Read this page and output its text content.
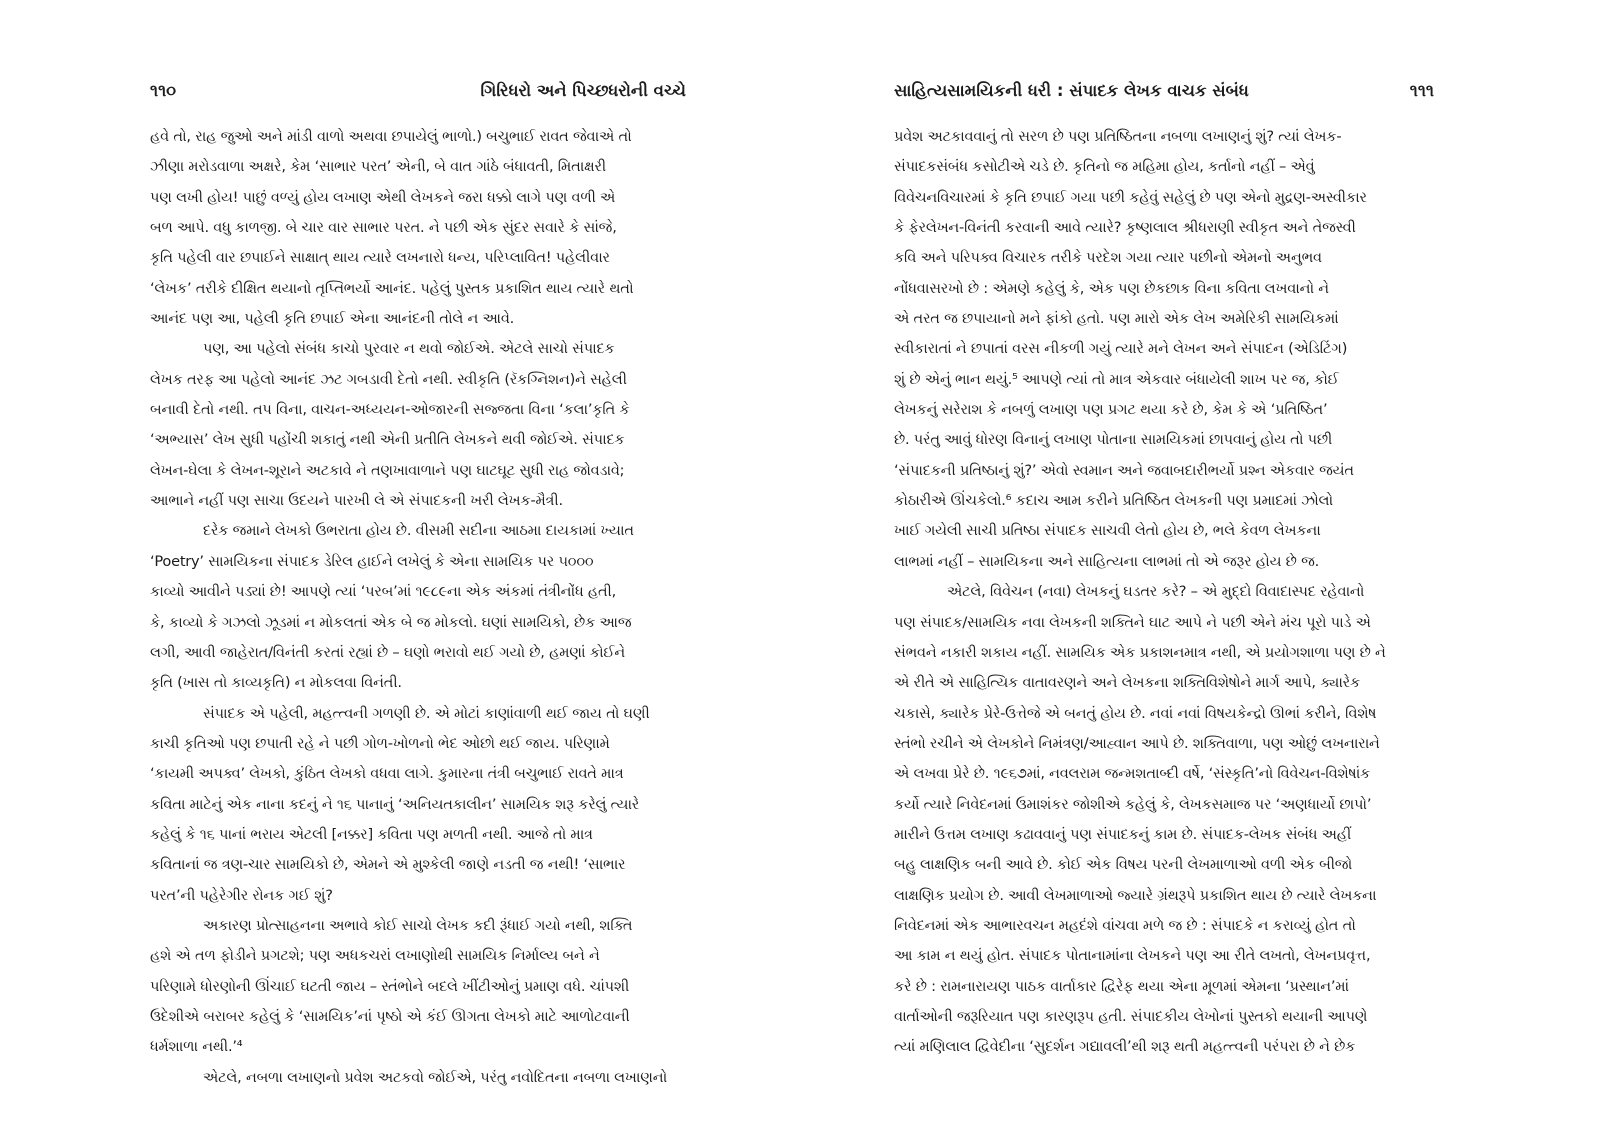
૧૧૦	ગિરિધરો અને પિચ્છધરોની વચ્ચે
હવે તો, રાહ જુઓ અને માંડી વાળો અથવા છપાયેલું ભાળો.) બચુભાઈ રાવત જેવાએ તો
ઝીણા મરોડવાળા અક્ષરે, કેમ ‘સાભાર પરત’ એની, બે વાત ગાંઠે બંધાવતી, મિતાક્ષરી
પણ લખી હોય! પાછું વળ્યું હોય લખાણ એથી લેખકને જરા ધક્કો લાગે પણ વળી એ
બળ આપે. વધુ કાળજી. બે ચાર વાર સાભાર પરત. ને પછી એક સુંદર સવારે કે સાંજે,
કૃતિ પહેલી વાર છપાઈને સાક્ષાત્ થાય ત્યારે લખનારો ધન્ય, પરિપ્લાવિત! પહેલીવાર
‘લેખક’ તરીકે દીક્ષિત થયાનો તૃપ્તિભર્યો આનંદ. પહેલું પુસ્તક પ્રકાશિત થાય ત્યારે થતો
આનંદ પણ આ, પહેલી કૃતિ છપાઈ એના આનંદની તોલે ન આવે.
પણ, આ પહેલો સંબંધ કાચો પુરવાર ન થવો જોઈએ. એટલે સાચો સંપાદક
લેખક તરફ આ પહેલો આનંદ ઝટ ગબડાવી દેતો નથી. સ્વીકૃતિ (રૅકગ્નિશન)ને સહેલી
બનાવી દેતો નથી. તપ વિના, વાચન-અધ્યયન-ઓજારની સજ્જતા વિના ‘કલા’કૃતિ કે
‘અભ્યાસ’ લેખ સુધી પહોંચી શકાતું નથી એની પ્રતીતિ લેખકને થવી જોઈએ. સંપાદક
લેખન-ઘેલા કે લેખન-શૂરાને અટકાવે ને તણખાવાળાને પણ ઘાટઘૂટ સુધી રાહ જોવડાવે;
આભાને નહીં પણ સાચા ઉદયને પારખી લે એ સંપાદકની ખરી લેખક-મૈત્રી.
દરેક જમાને લેખકો ઉભરાતા હોય છે. વીસમી સદીના આઠમા દાયકામાં ખ્યાત
‘Poetry’ સામયિકના સંપાદક ડેરિલ હાઈને લખેલું કે એના સામયિક પર ૫૦૦૦
કાવ્યો આવીને પડ્યાં છે! આપણે ત્યાં ‘પરબ’માં ૧૯૮૯ના એક અંકમાં તંત્રીનોંધ હતી,
કે, કાવ્યો કે ગઝલો ઝૂડમાં ન મોકલતાં એક બે જ મોકલો. ઘણાં સામયિકો, છેક આજ
લગી, આવી જાહેરાત/વિનંતી કરતાં રહ્યાં છે – ઘણો ભરાવો થઈ ગયો છે, હમણાં કોઈને
કૃતિ (ખાસ તો કાવ્યકૃતિ) ન મોકલવા વિનંતી.
સંપાદક એ પહેલી, મહત્ત્વની ગળણી છે. એ મોટાં કાણાંવાળી થઈ જાય તો ઘણી
કાચી કૃતિઓ પણ છપાતી રહે ને પછી ગોળ-ખોળનો ભેદ ઓછો થઈ જાય. પરિણામે
‘કાયમી અપક્વ’ લેખકો, કુંઠિત લેખકો વધવા લાગે. કુમારના તંત્રી બચુભાઈ રાવતે માત્ર
કવિતા માટેનું એક નાના કદનું ને ૧૬ પાનાનું ‘અનિયતકાલીન’ સામયિક શરૂ કરેલું ત્યારે
કહેલું કે ૧૬ પાનાં ભરાય એટલી [નક્કર] કવિતા પણ મળતી નથી. આજે તો માત્ર
કવિતાનાં જ ત્રણ-ચાર સામયિકો છે, એમને એ મુશ્કેલી જાણે નડતી જ નથી! ‘સાભાર
પરત’ની પહેરેગીર રોનક ગઈ શું?
અકારણ પ્રોત્સાહનના અભાવે કોઈ સાચો લેખક કદી રૂંધાઈ ગયો નથી, શક્તિ
હશે એ તળ ફોડીને પ્રગટશે; પણ અધકચરાં લખાણોથી સામયિક નિર્માલ્ય બને ને
પરિણામે ધોરણોની ઊંચાઈ ઘટતી જાય – સ્તંભોને બદલે ખીંટીઓનું પ્રમાણ વધે. ચાંપશી
ઉદેશીએ બરાબર કહેલું કે ‘સામયિક’નાં પૃષ્ઠો એ કંઈ ઊગતા લેખકો માટે આળોટવાની
ધર્મશાળા નથી.’⁴
એટલે, નબળા લખાણનો પ્રવેશ અટકવો જોઈએ, પરંતુ નવોદિતના નબળા લખાણનો
સાહિત્યસામયિકની ધરી : સંપાદક લેખક વાચક સંબંધ	૧૧૧
પ્રવેશ અટકાવવાનું તો સરળ છે પણ પ્રતિષ્ઠિતના નબળા લખાણનું શું? ત્યાં લેખક-
સંપાદકસંબંધ કસોટીએ ચડે છે. કૃતિનો જ મહિમા હોય, કર્તાનો નહીં – એવું
વિવેચનવિચારમાં કે કૃતિ છપાઈ ગયા પછી કહેવું સહેલું છે પણ એનો મુદ્રણ-અસ્વીકાર
કે ફેરલેખન-વિનંતી કરવાની આવે ત્યારે? કૃષ્ણલાલ શ્રીધરાણી સ્વીકૃત અને તેજસ્વી
કવિ અને પરિપક્વ વિચારક તરીકે પરદેશ ગયા ત્યાર પછીનો એમનો અનુભવ
નોંધવાસરખો છે : એમણે કહેલું કે, એક પણ છેકછાક વિના કવિતા લખવાનો ને
એ તરત જ છપાયાનો મને ફાંકો હતો. પણ મારો એક લેખ અમેરિકી સામયિકમાં
સ્વીકારાતાં ને છપાતાં વરસ નીકળી ગયું ત્યારે મને લેખન અને સંપાદન (એડિટિંગ)
શું છે એનું ભાન થયું.⁵ આપણે ત્યાં તો માત્ર એકવાર બંધાયેલી શાખ પર જ, કોઈ
લેખકનું સરેરાશ કે નબળું લખાણ પણ પ્રગટ થયા કરે છે, કેમ કે એ ‘પ્રતિષ્ઠિત’
છે. પરંતુ આવું ધોરણ વિનાનું લખાણ પોતાના સામયિકમાં છાપવાનું હોય તો પછી
‘સંપાદકની પ્રતિષ્ઠાનું શું?’ એવો સ્વમાન અને જવાબદારીભર્યો પ્રશ્ન એકવાર જયંત
કોઠારીએ ઊંચકેલો.⁶ કદાચ આમ કરીને પ્રતિષ્ઠિત લેખકની પણ પ્રમાદમાં ઝોલો
ખાઈ ગયેલી સાચી પ્રતિષ્ઠા સંપાદક સાચવી લેતો હોય છે, ભલે કેવળ લેખકના
લાભમાં નહીં – સામયિકના અને સાહિત્યના લાભમાં તો એ જરૂર હોય છે જ.
એટલે, વિવેચન (નવા) લેખકનું ઘડતર કરે? – એ મુદ્દો વિવાદાસ્પદ રહેવાનો
પણ સંપાદક/સામયિક નવા લેખકની શક્તિને ઘાટ આપે ને પછી એને મંચ પૂરો પાડે એ
સંભવને નકારી શકાય નહીં. સામયિક એક પ્રકાશનમાત્ર નથી, એ પ્રયોગશાળા પણ છે ને
એ રીતે એ સાહિત્યિક વાતાવરણને અને લેખકના શક્તિવિશેષોને માર્ગ આપે, ક્યારેક
ચકાસે, ક્યારેક પ્રેરે-ઉત્તેજે એ બનતું હોય છે. નવાં નવાં વિષયકેન્દ્રો ઊભાં કરીને, વિશેષ
સ્તંભો રચીને એ લેખકોને નિમંત્રણ/આહ્વાન આપે છે. શક્તિવાળા, પણ ઓછું લખનારાને
એ લખવા પ્રેરે છે. ૧૯૬૭માં, નવલરામ જન્મશતાબ્દી વર્ષે, ‘સંસ્કૃતિ’નો વિવેચન-વિશેષાંક
કર્યો ત્યારે નિવેદનમાં ઉમાશંકર જોશીએ કહેલું કે, લેખકસમાજ પર ‘અણધાર્યો છાપો’
મારીને ઉત્તમ લખાણ કઢાવવાનું પણ સંપાદકનું કામ છે. સંપાદક-લેખક સંબંધ અહીં
બહુ લાક્ષણિક બની આવે છે. કોઈ એક વિષય પરની લેખમાળાઓ વળી એક બીજો
લાક્ષણિક પ્રયોગ છે. આવી લેખમાળાઓ જ્યારે ગ્રંથરૂપે પ્રકાશિત થાય છે ત્યારે લેખકના
નિવેદનમાં એક આભારવચન મહદંશે વાંચવા મળે જ છે : સંપાદકે ન કરાવ્યું હોત તો
આ કામ ન થયું હોત. સંપાદક પોતાનામાંના લેખકને પણ આ રીતે લખતો, લેખનપ્રવૃત્ત,
કરે છે : રામનારાયણ પાઠક વાર્તાકાર દ્વિરેફ થયા એના મૂળમાં એમના ‘પ્રસ્થાન’માં
વાર્તાઓની જરૂરિયાત પણ કારણરૂપ હતી. સંપાદકીય લેખોનાં પુસ્તકો થયાની આપણે
ત્યાં મણિલાલ દ્વિવેદીના ‘સુદર્શન ગદ્યાવલી’થી શરૂ થતી મહત્ત્વની પરંપરા છે ને છેક
